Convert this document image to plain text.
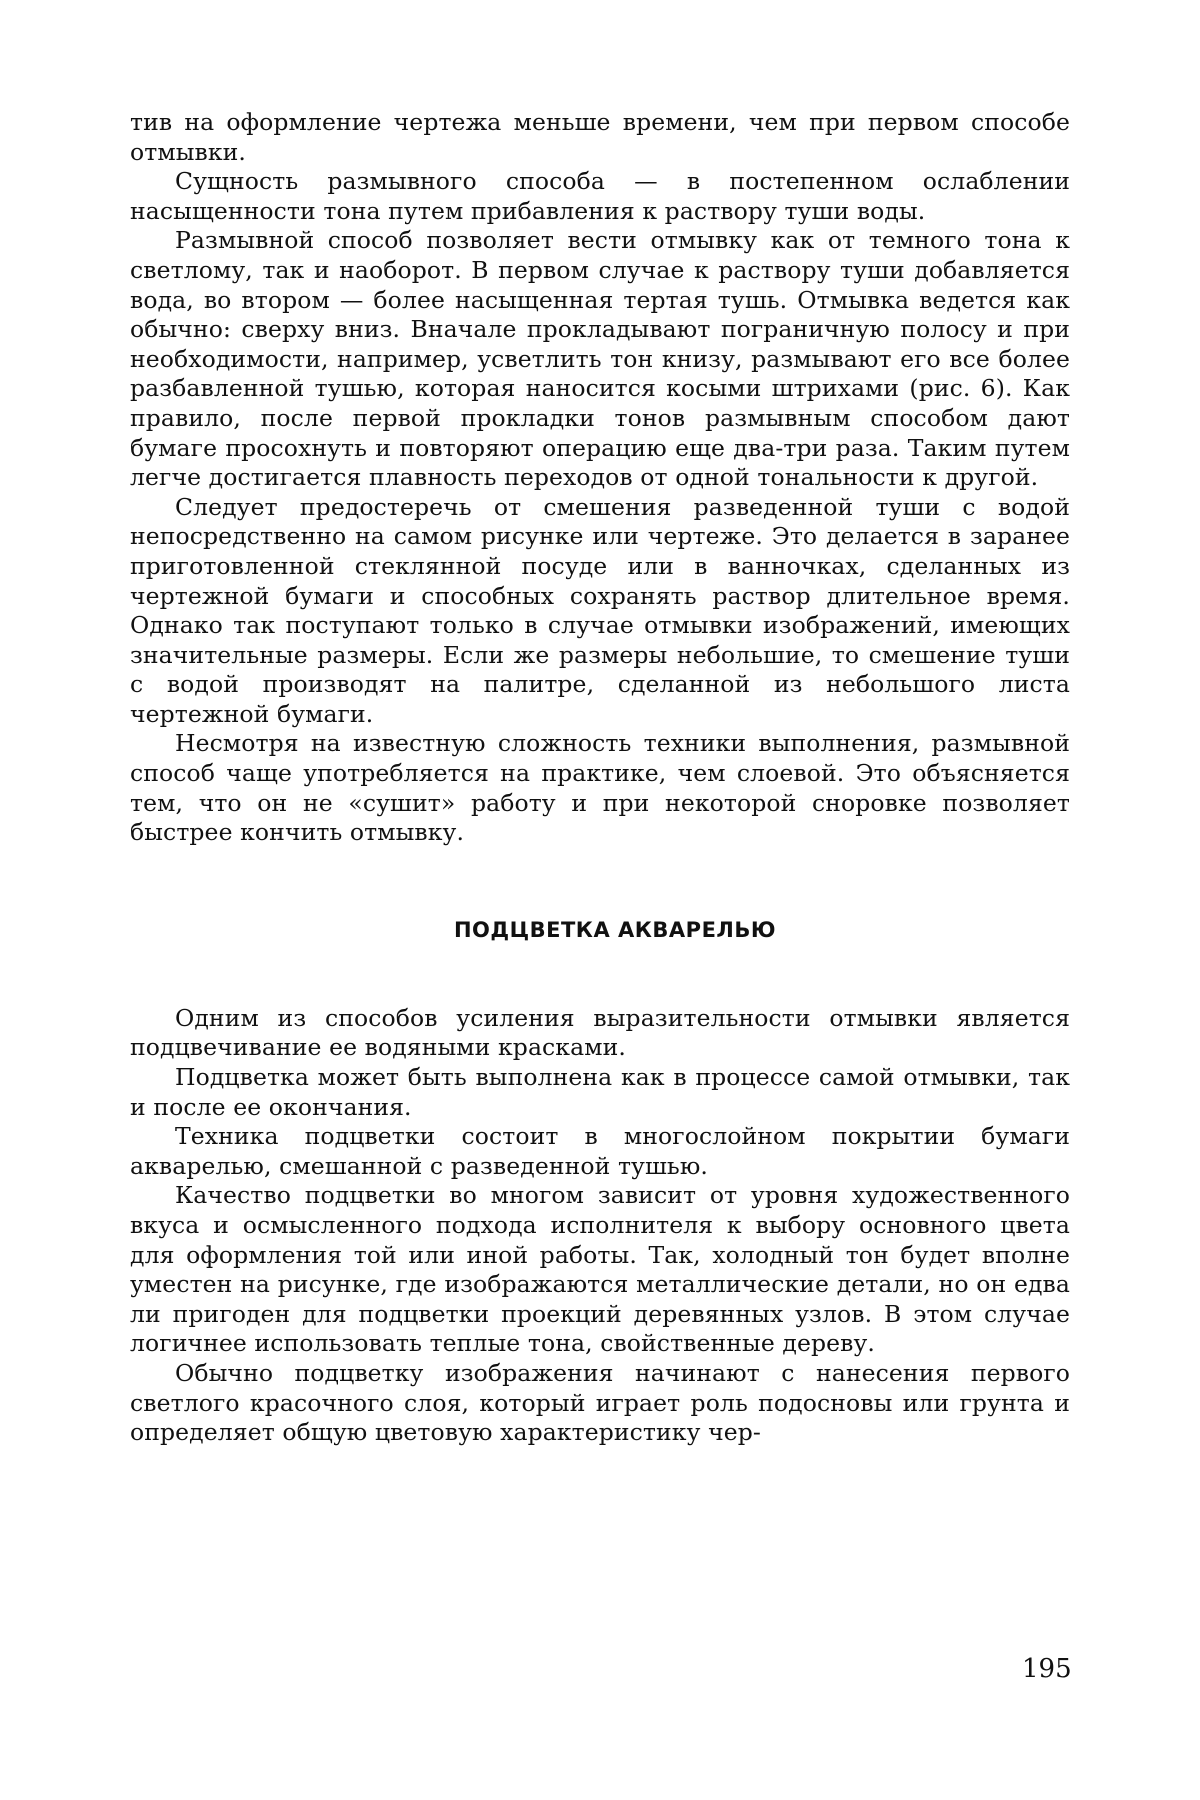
тив на оформление чертежа меньше времени, чем при первом способе отмывки.

Сущность размывного способа — в постепенном ослаблении насыщенности тона путем прибавления к раствору туши воды.

Размывной способ позволяет вести отмывку как от темного тона к светлому, так и наоборот. В первом случае к раствору туши добавляется вода, во втором — более насыщенная тертая тушь. Отмывка ведется как обычно: сверху вниз. Вначале прокладывают пограничную полосу и при необходимости, например, усветлить тон книзу, размывают его все более разбавленной тушью, которая наносится косыми штрихами (рис. 6). Как правило, после первой прокладки тонов размывным способом дают бумаге просохнуть и повторяют операцию еще два-три раза. Таким путем легче достигается плавность переходов от одной тональности к другой.

Следует предостеречь от смешения разведенной туши с водой непосредственно на самом рисунке или чертеже. Это делается в заранее приготовленной стеклянной посуде или в ванночках, сделанных из чертежной бумаги и способных сохранять раствор длительное время. Однако так поступают только в случае отмывки изображений, имеющих значительные размеры. Если же размеры небольшие, то смешение туши с водой производят на палитре, сделанной из небольшого листа чертежной бумаги.

Несмотря на известную сложность техники выполнения, размывной способ чаще употребляется на практике, чем слоевой. Это объясняется тем, что он не «сушит» работу и при некоторой сноровке позволяет быстрее кончить отмывку.

ПОДЦВЕТКА АКВАРЕЛЬЮ

Одним из способов усиления выразительности отмывки является подцвечивание ее водяными красками.

Подцветка может быть выполнена как в процессе самой отмывки, так и после ее окончания.

Техника подцветки состоит в многослойном покрытии бумаги акварелью, смешанной с разведенной тушью.

Качество подцветки во многом зависит от уровня художественного вкуса и осмысленного подхода исполнителя к выбору основного цвета для оформления той или иной работы. Так, холодный тон будет вполне уместен на рисунке, где изображаются металлические детали, но он едва ли пригоден для подцветки проекций деревянных узлов. В этом случае логичнее использовать теплые тона, свойственные дереву.

Обычно подцветку изображения начинают с нанесения первого светлого красочного слоя, который играет роль подосновы или грунта и определяет общую цветовую характеристику чер-

195
